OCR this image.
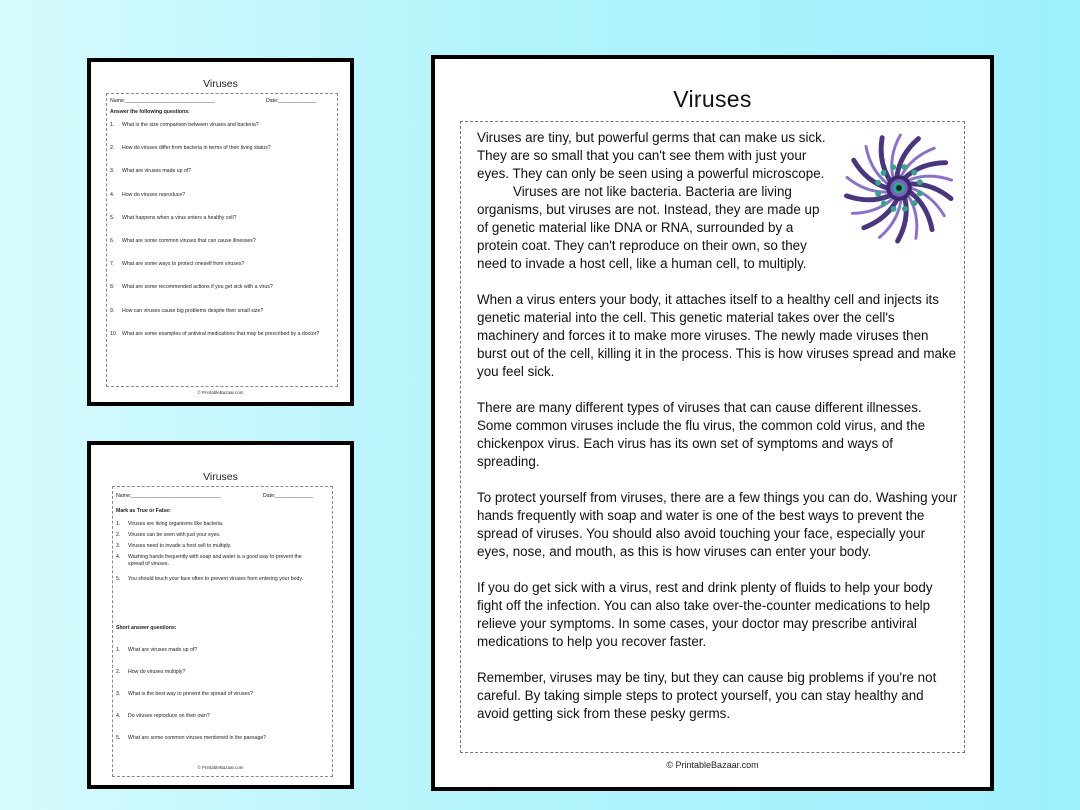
Viruses
Name:_______________________________	Date:_____________
Answer the following questions:
1.	What is the size comparison between viruses and bacteria?
2.	How do viruses differ from bacteria in terms of their living status?
3.	What are viruses made up of?
4.	How do viruses reproduce?
5.	What happens when a virus enters a healthy cell?
6.	What are some common viruses that can cause illnesses?
7.	What are some ways to protect oneself from viruses?
8.	What are some recommended actions if you get sick with a virus?
9.	How can viruses cause big problems despite their small size?
10. What are some examples of antiviral medications that may be prescribed by a doctor?
© PrintableBazaar.com
Viruses
Name:_______________________________	Date:_____________
Mark as True or False:
1.	Viruses are living organisms like bacteria.
2.	Viruses can be seen with just your eyes.
3.	Viruses need to invade a host cell to multiply.
4.	Washing hands frequently with soap and water is a good way to prevent the spread of viruses.
5.	You should touch your face often to prevent viruses from entering your body.
Short answer questions:
1.	What are viruses made up of?
2.	How do viruses multiply?
3.	What is the best way to prevent the spread of viruses?
4.	Do viruses reproduce on their own?
5.	What are some common viruses mentioned in the passage?
© PrintableBazaar.com
Viruses

Viruses are tiny, but powerful germs that can make us sick. They are so small that you can't see them with just your eyes. They can only be seen using a powerful microscope.
Viruses are not like bacteria. Bacteria are living organisms, but viruses are not. Instead, they are made up of genetic material like DNA or RNA, surrounded by a protein coat. They can't reproduce on their own, so they need to invade a host cell, like a human cell, to multiply.

When a virus enters your body, it attaches itself to a healthy cell and injects its genetic material into the cell. This genetic material takes over the cell's machinery and forces it to make more viruses. The newly made viruses then burst out of the cell, killing it in the process. This is how viruses spread and make you feel sick.

There are many different types of viruses that can cause different illnesses. Some common viruses include the flu virus, the common cold virus, and the chickenpox virus. Each virus has its own set of symptoms and ways of spreading.

To protect yourself from viruses, there are a few things you can do. Washing your hands frequently with soap and water is one of the best ways to prevent the spread of viruses. You should also avoid touching your face, especially your eyes, nose, and mouth, as this is how viruses can enter your body.

If you do get sick with a virus, rest and drink plenty of fluids to help your body fight off the infection. You can also take over-the-counter medications to help relieve your symptoms. In some cases, your doctor may prescribe antiviral medications to help you recover faster.

Remember, viruses may be tiny, but they can cause big problems if you're not careful. By taking simple steps to protect yourself, you can stay healthy and avoid getting sick from these pesky germs.

© PrintableBazaar.com
